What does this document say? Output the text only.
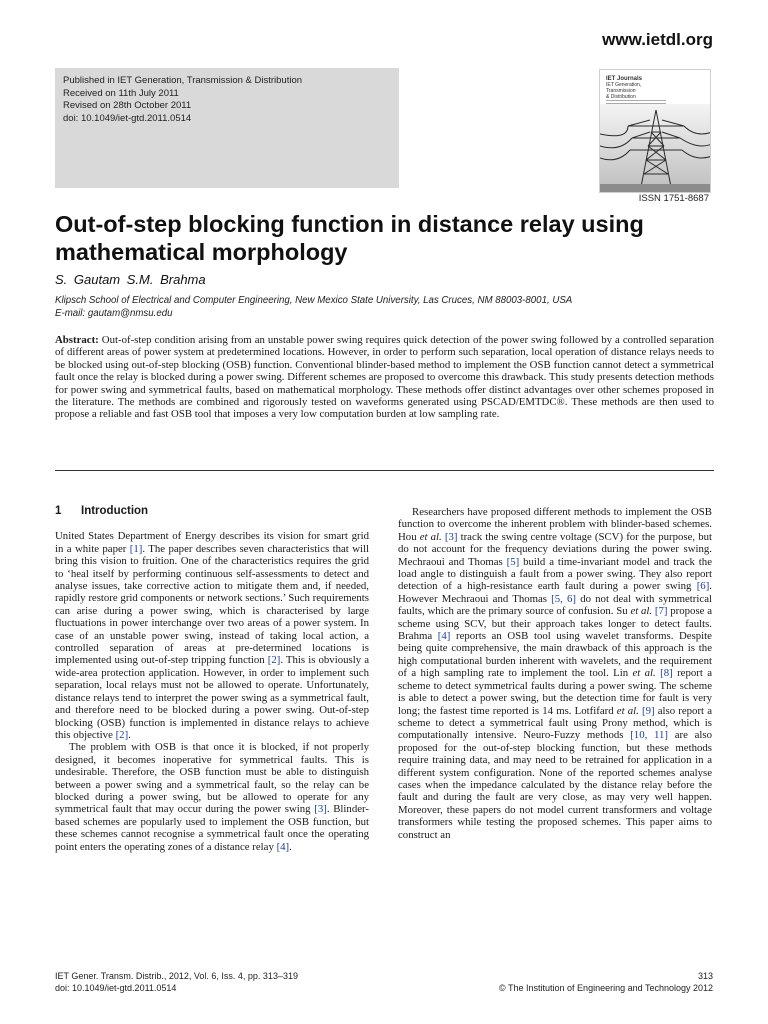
www.ietdl.org
Published in IET Generation, Transmission & Distribution
Received on 11th July 2011
Revised on 28th October 2011
doi: 10.1049/iet-gtd.2011.0514
IET Journals
IET Generation, Transmission
& Distribution
ISSN 1751-8687
Out-of-step blocking function in distance relay using mathematical morphology
S. Gautam S.M. Brahma
Klipsch School of Electrical and Computer Engineering, New Mexico State University, Las Cruces, NM 88003-8001, USA
E-mail: gautam@nmsu.edu
Abstract: Out-of-step condition arising from an unstable power swing requires quick detection of the power swing followed by a controlled separation of different areas of power system at predetermined locations. However, in order to perform such separation, local operation of distance relays needs to be blocked using out-of-step blocking (OSB) function. Conventional blinder-based method to implement the OSB function cannot detect a symmetrical fault once the relay is blocked during a power swing. Different schemes are proposed to overcome this drawback. This study presents detection methods for power swing and symmetrical faults, based on mathematical morphology. These methods offer distinct advantages over other schemes proposed in the literature. The methods are combined and rigorously tested on waveforms generated using PSCAD/EMTDC®. These methods are then used to propose a reliable and fast OSB tool that imposes a very low computation burden at low sampling rate.
1 Introduction

United States Department of Energy describes its vision for smart grid in a white paper [1]. The paper describes seven characteristics that will bring this vision to fruition. One of the characteristics requires the grid to ‘heal itself by performing continuous self-assessments to detect and analyse issues, take corrective action to mitigate them and, if needed, rapidly restore grid components or network sections.’ Such requirements can arise during a power swing, which is characterised by large fluctuations in power interchange over two areas of a power system. In case of an unstable power swing, instead of taking local action, a controlled separation of areas at pre-determined locations is implemented using out-of-step tripping function [2]. This is obviously a wide-area protection application. However, in order to implement such separation, local relays must not be allowed to operate. Unfortunately, distance relays tend to interpret the power swing as a symmetrical fault, and therefore need to be blocked during a power swing. Out-of-step blocking (OSB) function is implemented in distance relays to achieve this objective [2].

The problem with OSB is that once it is blocked, if not properly designed, it becomes inoperative for symmetrical faults. This is undesirable. Therefore, the OSB function must be able to distinguish between a power swing and a symmetrical fault, so the relay can be blocked during a power swing, but be allowed to operate for any symmetrical fault that may occur during the power swing [3]. Blinder-based schemes are popularly used to implement the OSB function, but these schemes cannot recognise a symmetrical fault once the operating point enters the operating zones of a distance relay [4].

Researchers have proposed different methods to implement the OSB function to overcome the inherent problem with blinder-based schemes. Hou et al. [3] track the swing centre voltage (SCV) for the purpose, but do not account for the frequency deviations during the power swing. Mechraoui and Thomas [5] build a time-invariant model and track the load angle to distinguish a fault from a power swing. They also report detection of a high-resistance earth fault during a power swing [6]. However Mechraoui and Thomas [5, 6] do not deal with symmetrical faults, which are the primary source of confusion. Su et al. [7] propose a scheme using SCV, but their approach takes longer to detect faults. Brahma [4] reports an OSB tool using wavelet transforms. Despite being quite comprehensive, the main drawback of this approach is the high computational burden inherent with wavelets, and the requirement of a high sampling rate to implement the tool. Lin et al. [8] report a scheme to detect symmetrical faults during a power swing. The scheme is able to detect a power swing, but the detection time for fault is very long; the fastest time reported is 14 ms. Lotfifard et al. [9] also report a scheme to detect a symmetrical fault using Prony method, which is computationally intensive. Neuro-Fuzzy methods [10, 11] are also proposed for the out-of-step blocking function, but these methods require training data, and may need to be retrained for application in a different system configuration. None of the reported schemes analyse cases when the impedance calculated by the distance relay before the fault and during the fault are very close, as may very well happen. Moreover, these papers do not model current transformers and voltage transformers while testing the proposed schemes. This paper aims to construct an

IET Gener. Transm. Distrib., 2012, Vol. 6, Iss. 4, pp. 313–319
doi: 10.1049/iet-gtd.2011.0514
313
© The Institution of Engineering and Technology 2012
